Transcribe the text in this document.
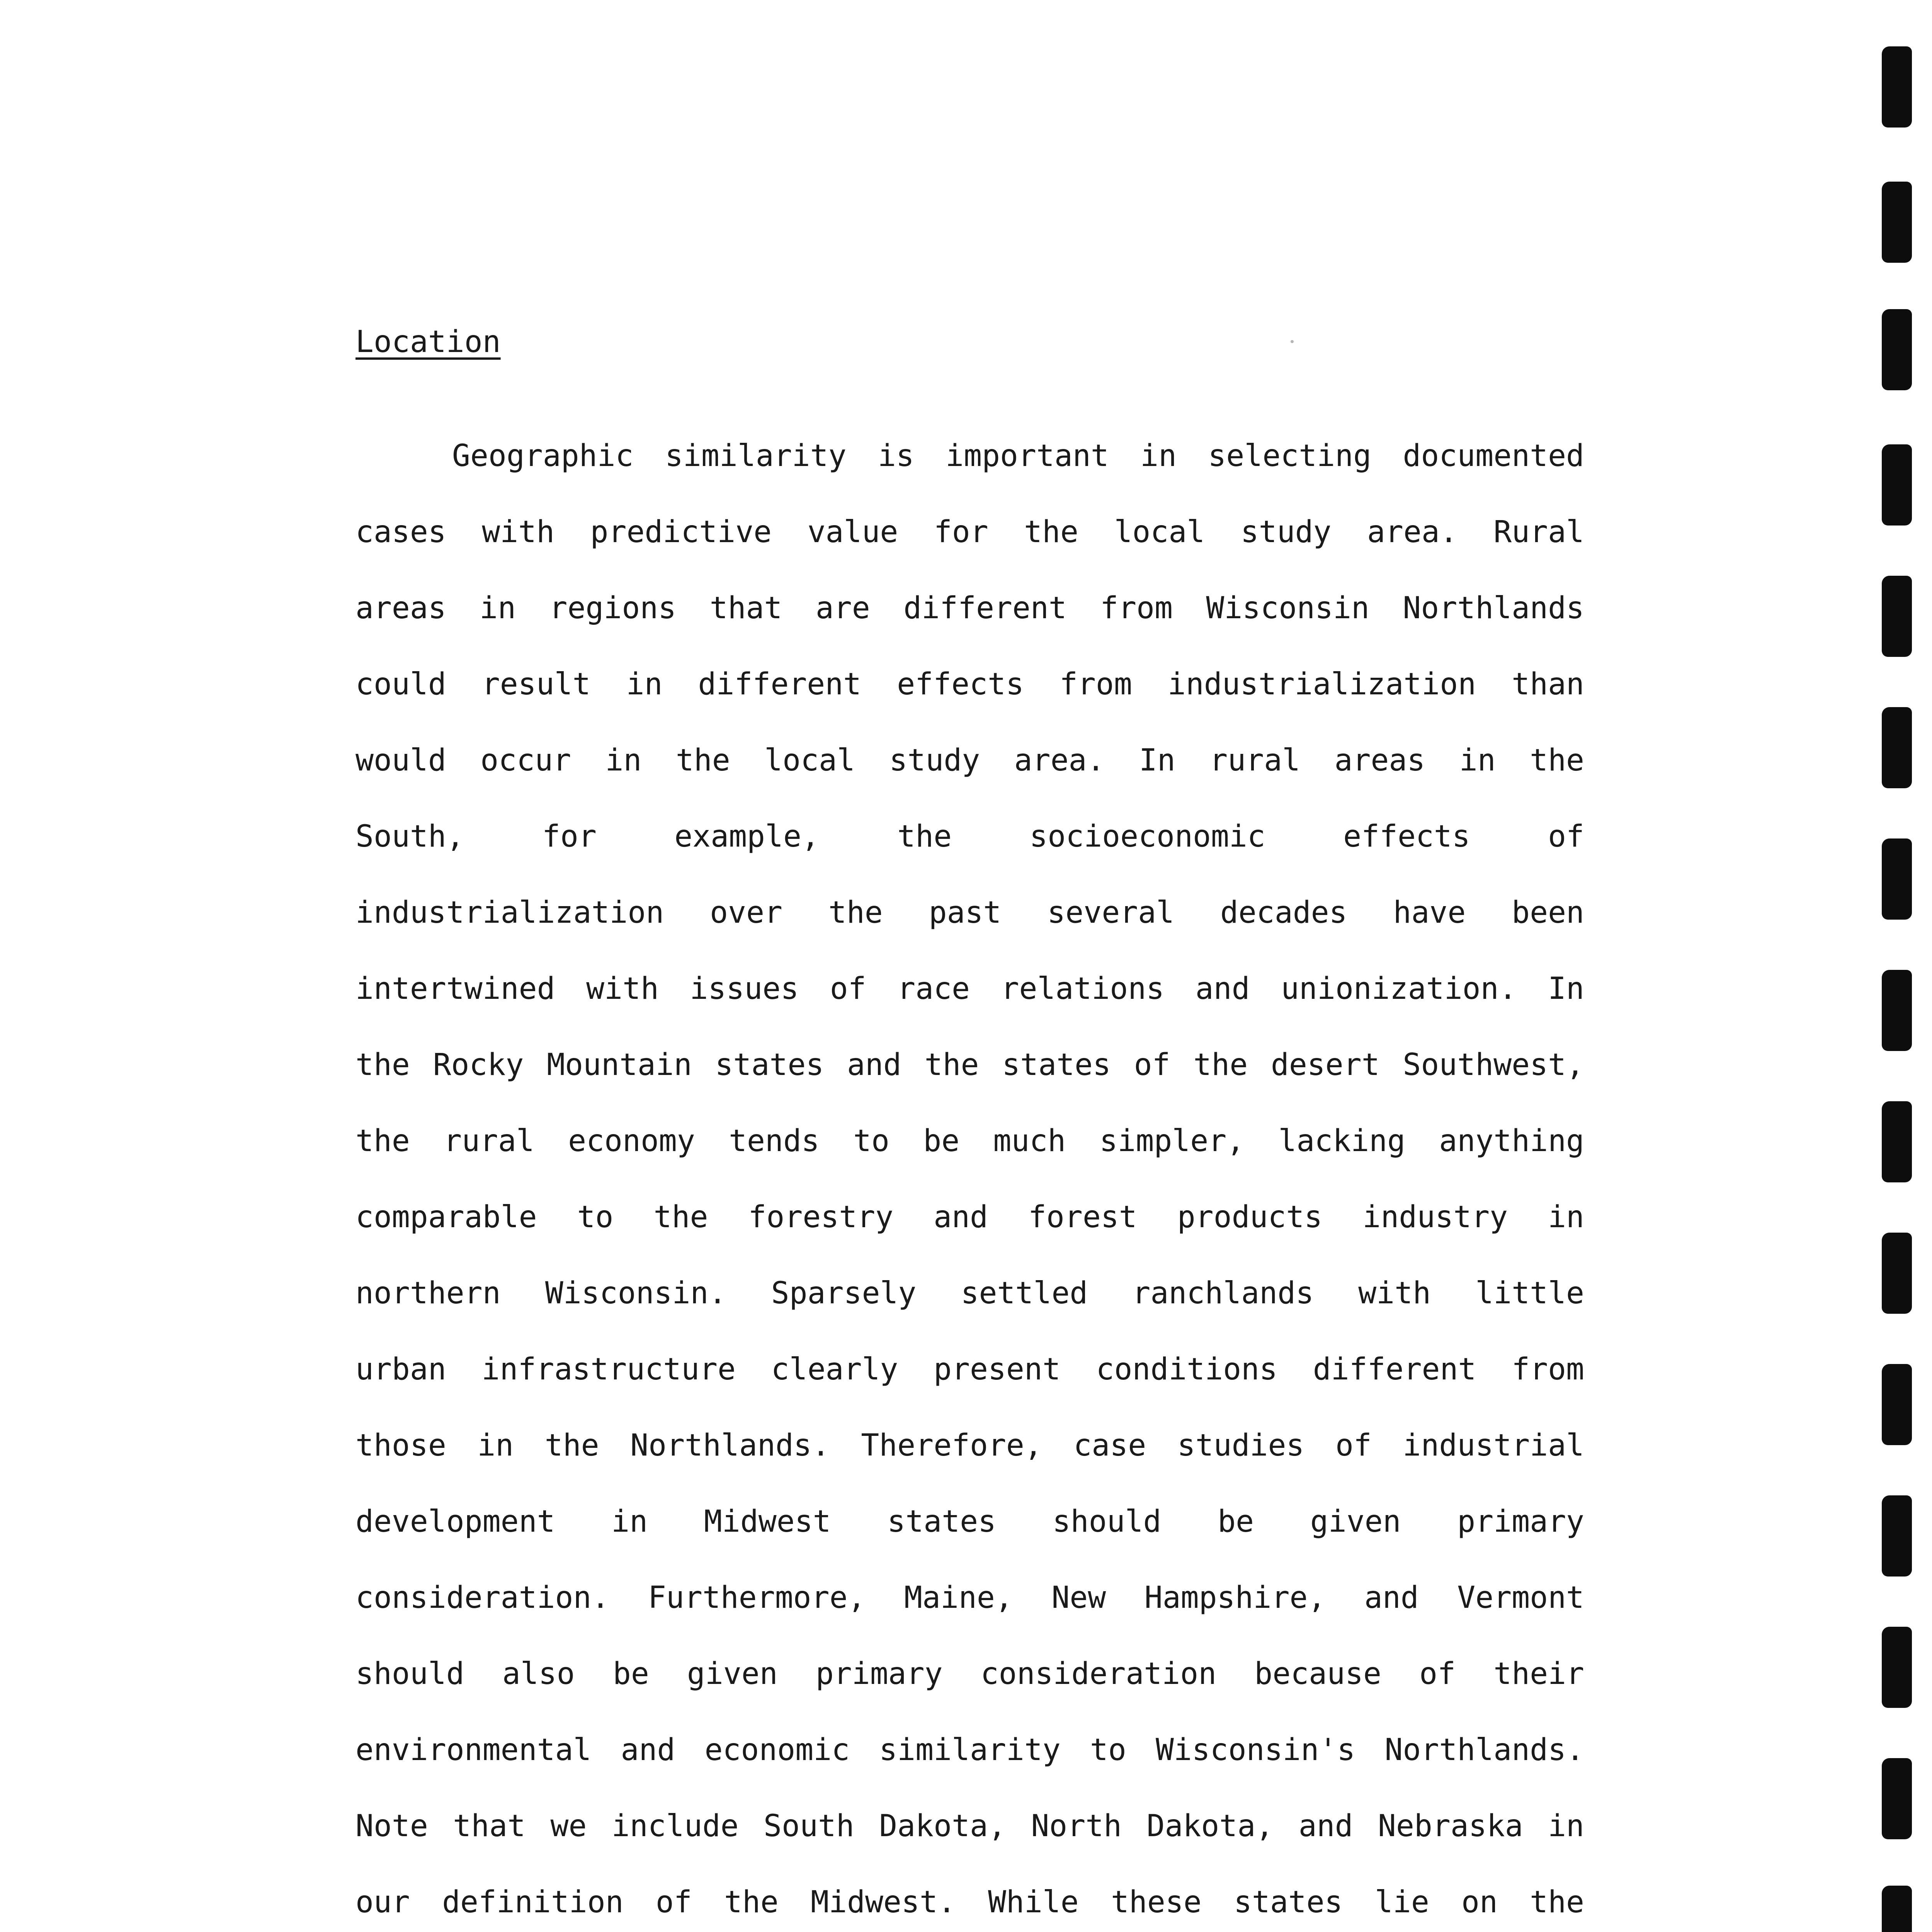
Location
Geographic similarity is important in selecting documented
cases with predictive value for the local study area. Rural
areas in regions that are different from Wisconsin Northlands
could result in different effects from industrialization than
would occur in the local study area. In rural areas in the
South, for example, the socioeconomic effects of
industrialization over the past several decades have been
intertwined with issues of race relations and unionization. In
the Rocky Mountain states and the states of the desert Southwest,
the rural economy tends to be much simpler, lacking anything
comparable to the forestry and forest products industry in
northern Wisconsin. Sparsely settled ranchlands with little
urban infrastructure clearly present conditions different from
those in the Northlands. Therefore, case studies of industrial
development in Midwest states should be given primary
consideration. Furthermore, Maine, New Hampshire, and Vermont
should also be given primary consideration because of their
environmental and economic similarity to Wisconsin's Northlands.
Note that we include South Dakota, North Dakota, and Nebraska in
our definition of the Midwest. While these states lie on the
